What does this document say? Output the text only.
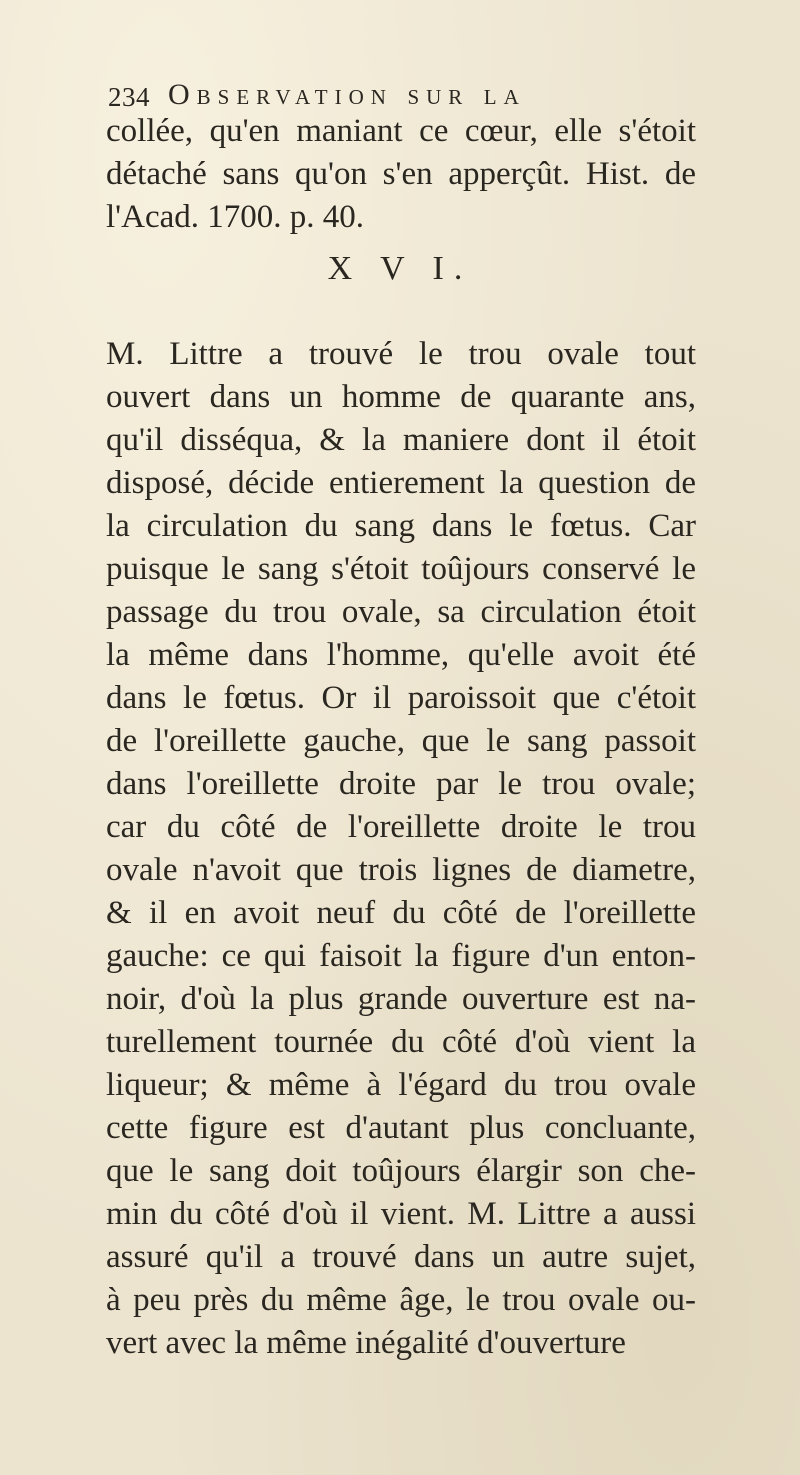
234 Observation sur la
collée, qu'en maniant ce cœur, elle s'étoit
détaché sans qu'on s'en apperçût. Hist. de
l'Acad. 1700. p. 40.
X V I.
M. Littre a trouvé le trou ovale tout
ouvert dans un homme de quarante ans,
qu'il disséqua, & la maniere dont il étoit
disposé, décide entierement la question de
la circulation du sang dans le fœtus. Car
puisque le sang s'étoit toûjours conservé le
passage du trou ovale, sa circulation étoit
la même dans l'homme, qu'elle avoit été
dans le fœtus. Or il paroissoit que c'étoit
de l'oreillette gauche, que le sang passoit
dans l'oreillette droite par le trou ovale;
car du côté de l'oreillette droite le trou
ovale n'avoit que trois lignes de diametre,
& il en avoit neuf du côté de l'oreillette
gauche: ce qui faisoit la figure d'un enton-
noir, d'où la plus grande ouverture est na-
turellement tournée du côté d'où vient la
liqueur; & même à l'égard du trou ovale
cette figure est d'autant plus concluante,
que le sang doit toûjours élargir son che-
min du côté d'où il vient. M. Littre a aussi
assuré qu'il a trouvé dans un autre sujet,
à peu près du même âge, le trou ovale ou-
vert avec la même inégalité d'ouverture
